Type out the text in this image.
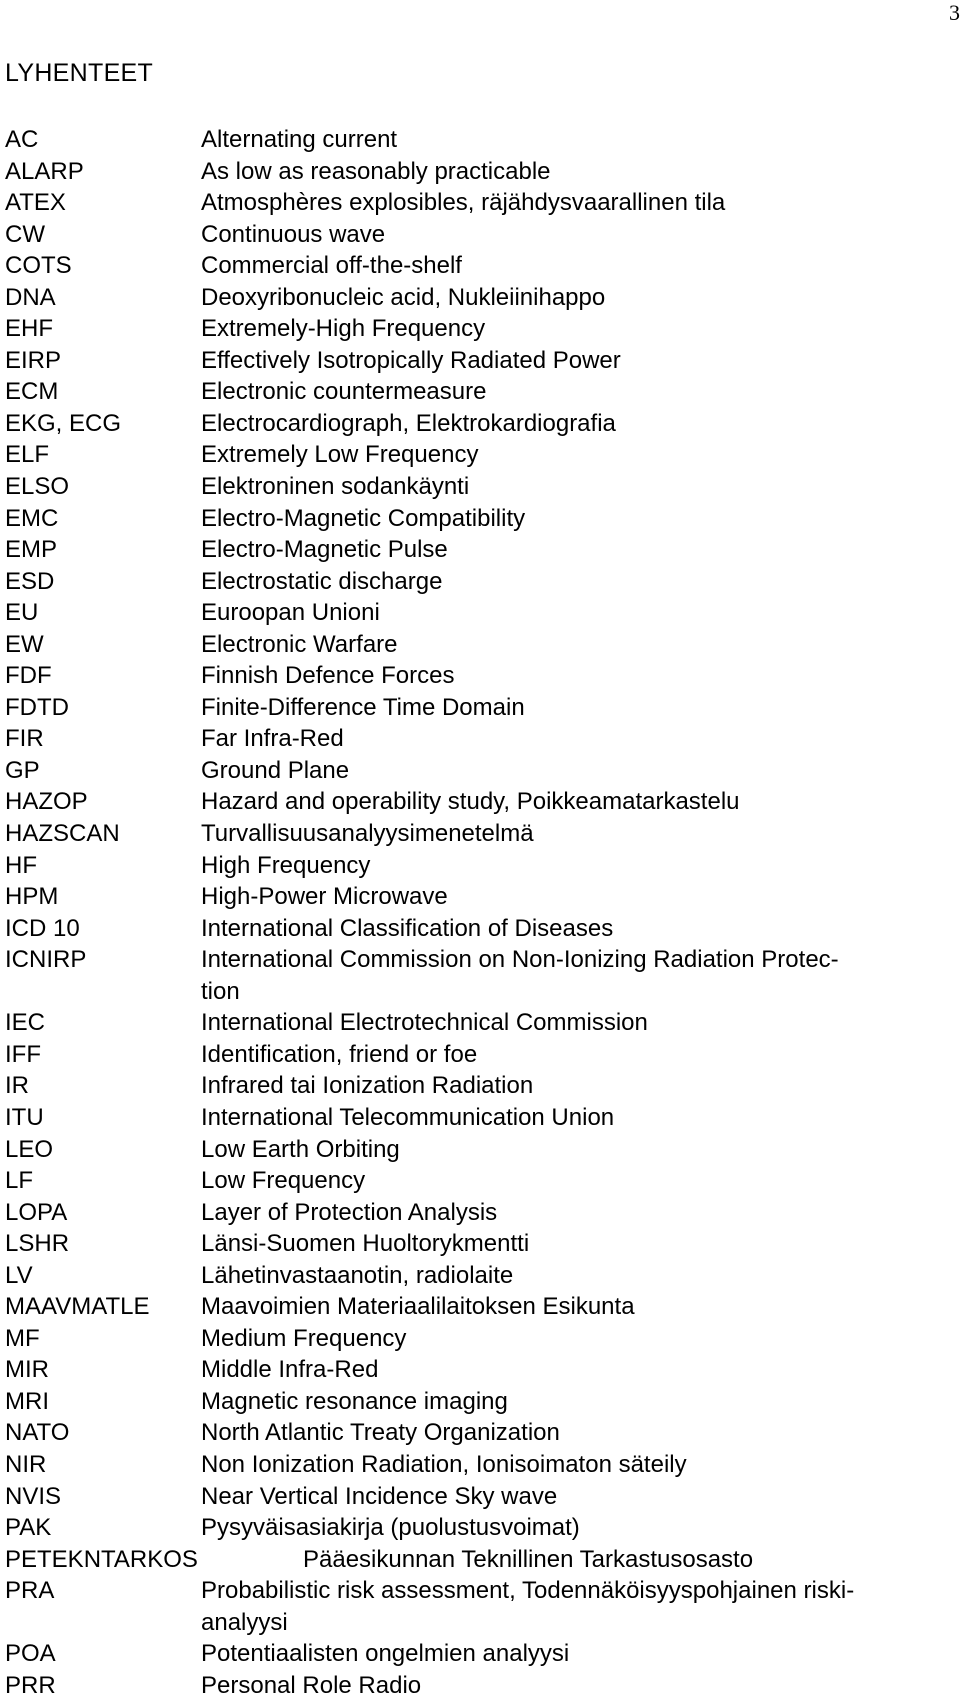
3
LYHENTEET
AC	Alternating current
ALARP	As low as reasonably practicable
ATEX	Atmosphères explosibles, räjähdysvaarallinen tila
CW	Continuous wave
COTS	Commercial off-the-shelf
DNA	Deoxyribonucleic acid, Nukleiinihappo
EHF	Extremely-High Frequency
EIRP	Effectively Isotropically Radiated Power
ECM	Electronic countermeasure
EKG, ECG	Electrocardiograph, Elektrokardiografia
ELF	Extremely Low Frequency
ELSO	Elektroninen sodankäynti
EMC	Electro-Magnetic Compatibility
EMP	Electro-Magnetic Pulse
ESD	Electrostatic discharge
EU	Euroopan Unioni
EW	Electronic Warfare
FDF	Finnish Defence Forces
FDTD	Finite-Difference Time Domain
FIR	Far Infra-Red
GP	Ground Plane
HAZOP	Hazard and operability study, Poikkeamatarkastelu
HAZSCAN	Turvallisuusanalyysimenetelmä
HF	High Frequency
HPM	High-Power Microwave
ICD 10	International Classification of Diseases
ICNIRP	International Commission on Non-Ionizing Radiation Protec-
tion
IEC	International Electrotechnical Commission
IFF	Identification, friend or foe
IR	Infrared tai Ionization Radiation
ITU	International Telecommunication Union
LEO	Low Earth Orbiting
LF	Low Frequency
LOPA	Layer of Protection Analysis
LSHR	Länsi-Suomen Huoltorykmentti
LV	Lähetinvastaanotin, radiolaite
MAAVMATLE	Maavoimien Materiaalilaitoksen Esikunta
MF	Medium Frequency
MIR	Middle Infra-Red
MRI	Magnetic resonance imaging
NATO	North Atlantic Treaty Organization
NIR	Non Ionization Radiation, Ionisoimaton säteily
NVIS	Near Vertical Incidence Sky wave
PAK	Pysyväisasiakirja (puolustusvoimat)
PETEKNTARKOS	Pääesikunnan Teknillinen Tarkastusosasto
PRA	Probabilistic risk assessment, Todennäköisyyspohjainen riski-
analyysi
POA	Potentiaalisten ongelmien analyysi
PRR	Personal Role Radio
